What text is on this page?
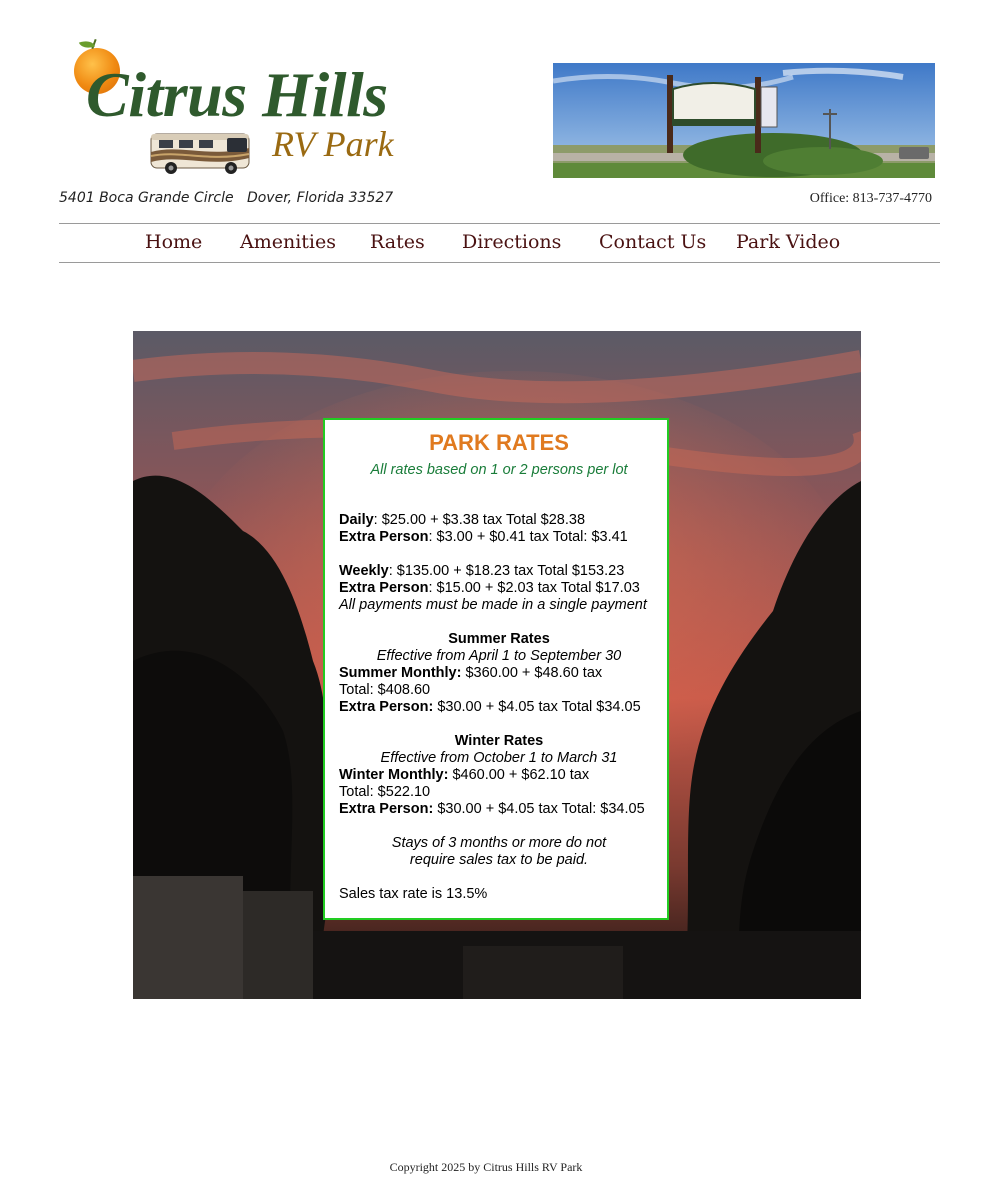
Citrus Hills
RV Park
5401 Boca Grande Circle   Dover, Florida 33527	Office: 813-737-4770
Home Amenities Rates Directions Contact Us Park Video
PARK RATES
All rates based on 1 or 2 persons per lot
Daily: $25.00 + $3.38 tax Total $28.38
Extra Person: $3.00 + $0.41 tax Total: $3.41
Weekly: $135.00 + $18.23 tax Total $153.23
Extra Person: $15.00 + $2.03 tax Total $17.03
All payments must be made in a single payment
Summer Rates
Effective from April 1 to September 30
Summer Monthly: $360.00 + $48.60 tax
Total: $408.60
Extra Person: $30.00 + $4.05 tax Total $34.05
Winter Rates
Effective from October 1 to March 31
Winter Monthly: $460.00 + $62.10 tax
Total: $522.10
Extra Person: $30.00 + $4.05 tax Total: $34.05
Stays of 3 months or more do not
require sales tax to be paid.
Sales tax rate is 13.5%
Copyright 2025 by Citrus Hills RV Park
